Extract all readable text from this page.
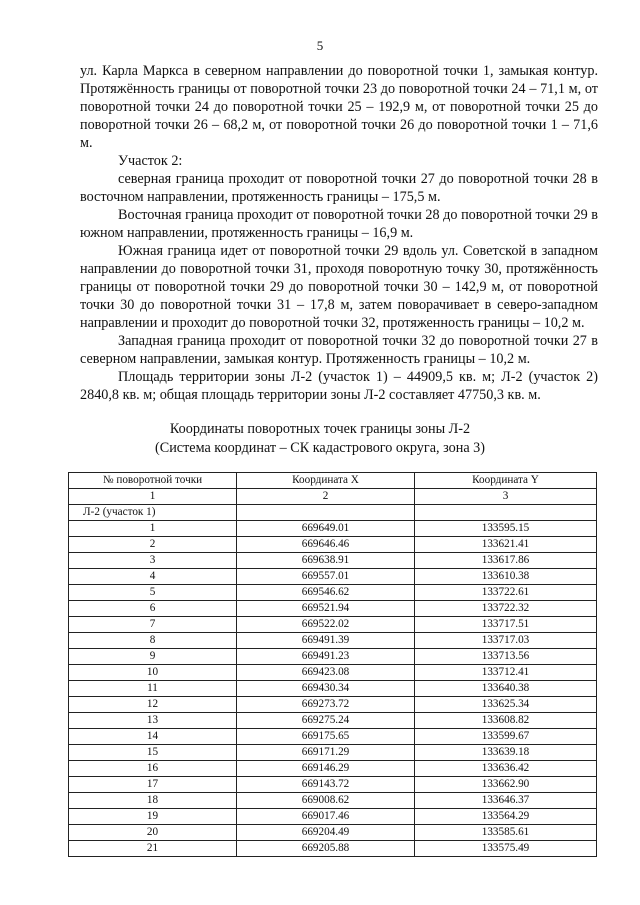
5

ул. Карла Маркса в северном направлении до поворотной точки 1, замыкая контур. Протяжённость границы от поворотной точки 23 до поворотной точки 24 – 71,1 м, от поворотной точки 24 до поворотной точки 25 – 192,9 м, от поворотной точки 25 до поворотной точки 26 – 68,2 м, от поворотной точки 26 до поворотной точки 1 – 71,6 м.

Участок 2:

северная граница проходит от поворотной точки 27 до поворотной точки 28 в восточном направлении, протяженность границы – 175,5 м.

Восточная граница проходит от поворотной точки 28 до поворотной точки 29 в южном направлении, протяженность границы – 16,9 м.

Южная граница идет от поворотной точки 29 вдоль ул. Советской в западном направлении до поворотной точки 31, проходя поворотную точку 30, протяжённость границы от поворотной точки 29 до поворотной точки 30 – 142,9 м, от поворотной точки 30 до поворотной точки 31 – 17,8 м, затем поворачивает в северо-западном направлении и проходит до поворотной точки 32, протяженность границы – 10,2 м.

Западная граница проходит от поворотной точки 32 до поворотной точки 27 в северном направлении, замыкая контур. Протяженность границы – 10,2 м.

Площадь территории зоны Л-2 (участок 1) – 44909,5 кв. м; Л-2 (участок 2) 2840,8 кв. м; общая площадь территории зоны Л-2 составляет 47750,3 кв. м.

Координаты поворотных точек границы зоны Л-2
(Система координат – СК кадастрового округа, зона 3)
№ поворотной точки	Координата X	Координата Y
1	2	3
Л-2 (участок 1)		
1	669649.01	133595.15
2	669646.46	133621.41
3	669638.91	133617.86
4	669557.01	133610.38
5	669546.62	133722.61
6	669521.94	133722.32
7	669522.02	133717.51
8	669491.39	133717.03
9	669491.23	133713.56
10	669423.08	133712.41
11	669430.34	133640.38
12	669273.72	133625.34
13	669275.24	133608.82
14	669175.65	133599.67
15	669171.29	133639.18
16	669146.29	133636.42
17	669143.72	133662.90
18	669008.62	133646.37
19	669017.46	133564.29
20	669204.49	133585.61
21	669205.88	133575.49
